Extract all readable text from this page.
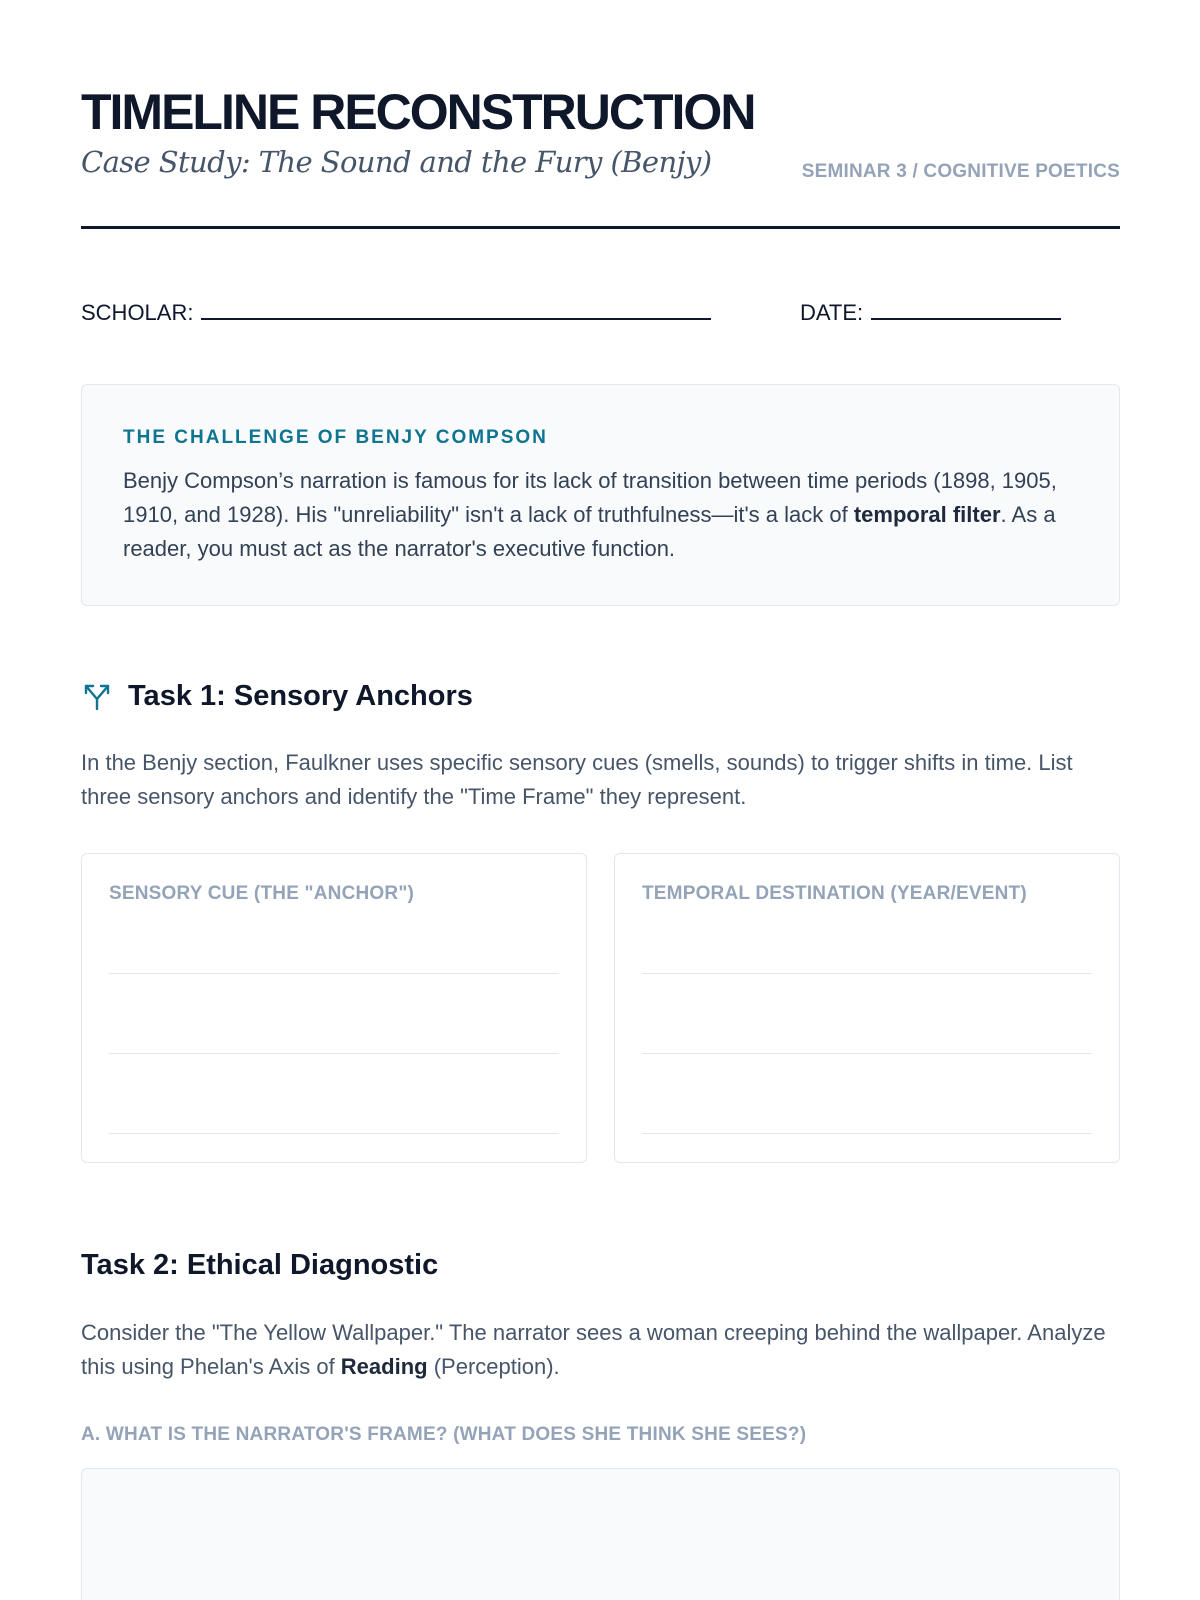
TIMELINE RECONSTRUCTION
Case Study: The Sound and the Fury (Benjy)	SEMINAR 3 / COGNITIVE POETICS
SCHOLAR:	DATE:
THE CHALLENGE OF BENJY COMPSON

Benjy Compson’s narration is famous for its lack of transition between time periods (1898, 1905, 1910, and 1928). His "unreliability" isn't a lack of truthfulness—it's a lack of temporal filter. As a reader, you must act as the narrator's executive function.

Task 1: Sensory Anchors

In the Benjy section, Faulkner uses specific sensory cues (smells, sounds) to trigger shifts in time. List three sensory anchors and identify the "Time Frame" they represent.

SENSORY CUE (THE "ANCHOR")	TEMPORAL DESTINATION (YEAR/EVENT)
Task 2: Ethical Diagnostic

Consider the "The Yellow Wallpaper." The narrator sees a woman creeping behind the wallpaper. Analyze this using Phelan's Axis of Reading (Perception).

A. WHAT IS THE NARRATOR'S FRAME? (WHAT DOES SHE THINK SHE SEES?)
